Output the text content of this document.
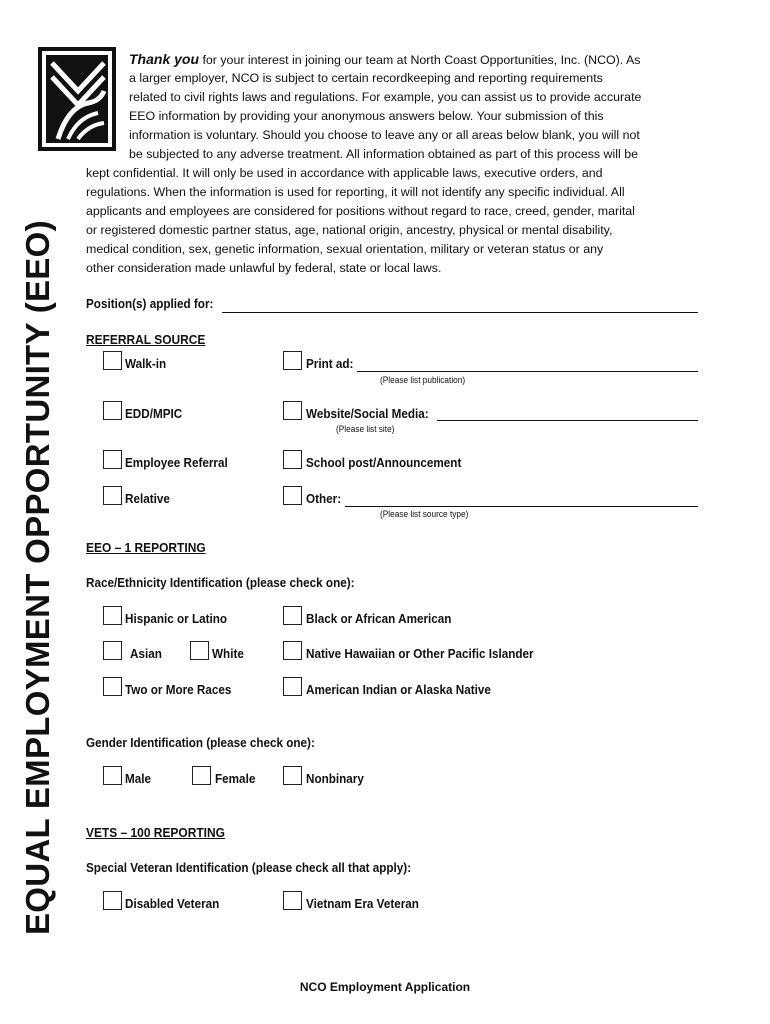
EQUAL EMPLOYMENT OPPORTUNITY (EEO)
Thank you for your interest in joining our team at North Coast Opportunities, Inc. (NCO). As
a larger employer, NCO is subject to certain recordkeeping and reporting requirements
related to civil rights laws and regulations. For example, you can assist us to provide accurate
EEO information by providing your anonymous answers below. Your submission of this
information is voluntary. Should you choose to leave any or all areas below blank, you will not
be subjected to any adverse treatment. All information obtained as part of this process will be
kept confidential. It will only be used in accordance with applicable laws, executive orders, and
regulations. When the information is used for reporting, it will not identify any specific individual. All
applicants and employees are considered for positions without regard to race, creed, gender, marital
or registered domestic partner status, age, national origin, ancestry, physical or mental disability,
medical condition, sex, genetic information, sexual orientation, military or veteran status or any
other consideration made unlawful by federal, state or local laws.
Position(s) applied for:
REFERRAL SOURCE
Walk-in	Print ad:
(Please list publication)
EDD/MPIC	Website/Social Media:
(Please list site)
Employee Referral	School post/Announcement
Relative	Other:
(Please list source type)
EEO – 1 REPORTING
Race/Ethnicity Identification (please check one):
Hispanic or Latino	Black or African American
Asian	White	Native Hawaiian or Other Pacific Islander
Two or More Races	American Indian or Alaska Native
Gender Identification (please check one):
Male	Female	Nonbinary
VETS – 100 REPORTING
Special Veteran Identification (please check all that apply):
Disabled Veteran	Vietnam Era Veteran
NCO Employment Application
